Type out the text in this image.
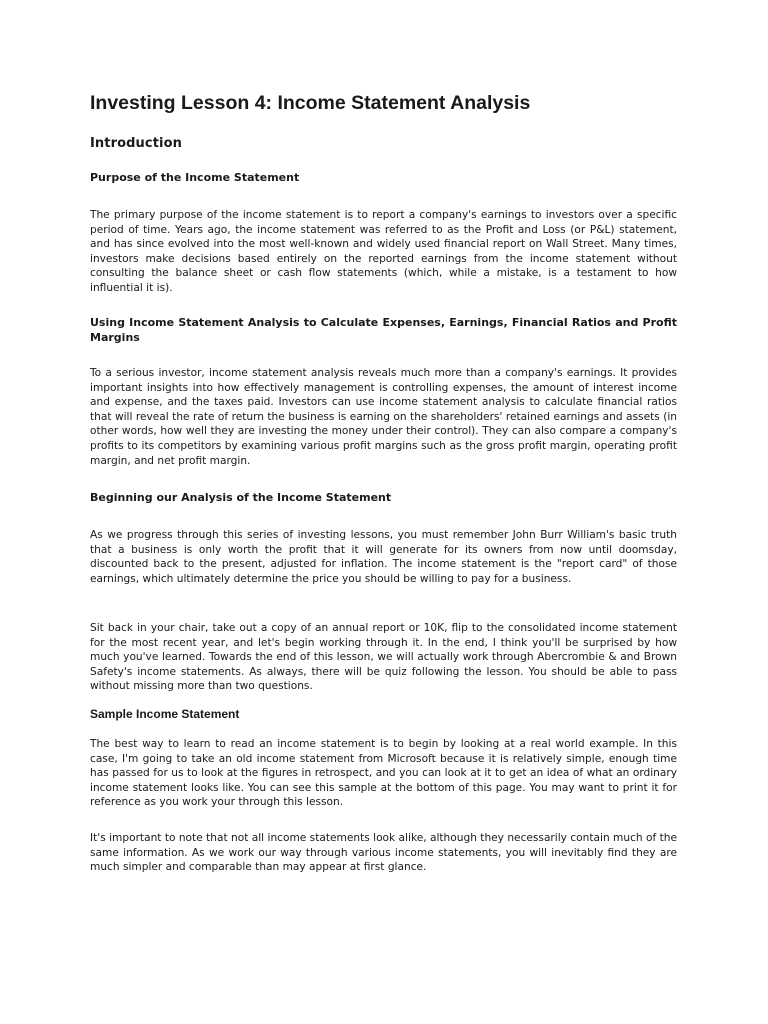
Investing Lesson 4: Income Statement Analysis
Introduction
Purpose of the Income Statement

The primary purpose of the income statement is to report a company's earnings to investors over a specific period of time. Years ago, the income statement was referred to as the Profit and Loss (or P&L) statement, and has since evolved into the most well-known and widely used financial report on Wall Street. Many times, investors make decisions based entirely on the reported earnings from the income statement without consulting the balance sheet or cash flow statements (which, while a mistake, is a testament to how influential it is).

Using Income Statement Analysis to Calculate Expenses, Earnings, Financial Ratios and Profit Margins

To a serious investor, income statement analysis reveals much more than a company's earnings. It provides important insights into how effectively management is controlling expenses, the amount of interest income and expense, and the taxes paid. Investors can use income statement analysis to calculate financial ratios that will reveal the rate of return the business is earning on the shareholders' retained earnings and assets (in other words, how well they are investing the money under their control). They can also compare a company's profits to its competitors by examining various profit margins such as the gross profit margin, operating profit margin, and net profit margin.

Beginning our Analysis of the Income Statement

As we progress through this series of investing lessons, you must remember John Burr William's basic truth that a business is only worth the profit that it will generate for its owners from now until doomsday, discounted back to the present, adjusted for inflation. The income statement is the "report card" of those earnings, which ultimately determine the price you should be willing to pay for a business.

Sit back in your chair, take out a copy of an annual report or 10K, flip to the consolidated income statement for the most recent year, and let's begin working through it. In the end, I think you'll be surprised by how much you've learned. Towards the end of this lesson, we will actually work through Abercrombie & and Brown Safety's income statements. As always, there will be quiz following the lesson. You should be able to pass without missing more than two questions.

Sample Income Statement

The best way to learn to read an income statement is to begin by looking at a real world example. In this case, I'm going to take an old income statement from Microsoft because it is relatively simple, enough time has passed for us to look at the figures in retrospect, and you can look at it to get an idea of what an ordinary income statement looks like. You can see this sample at the bottom of this page. You may want to print it for reference as you work your through this lesson.

It's important to note that not all income statements look alike, although they necessarily contain much of the same information. As we work our way through various income statements, you will inevitably find they are much simpler and comparable than may appear at first glance.
